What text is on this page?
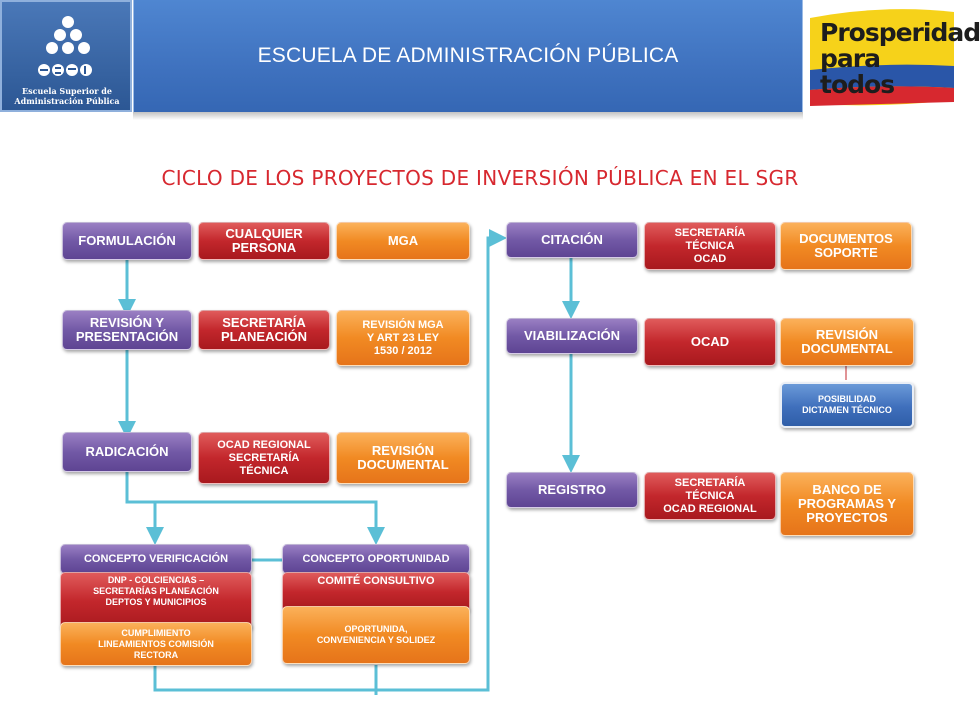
Escuela Superior de
Administración Pública
ESCUELA DE ADMINISTRACIÓN PÚBLICA
Prosperidad
para todos
CICLO DE LOS PROYECTOS DE INVERSIÓN PÚBLICA EN EL SGR
FORMULACIÓN	CUALQUIER
PERSONA	MGA
REVISIÓN Y
PRESENTACIÓN
SECRETARÍA
PLANEACIÓN
REVISIÓN MGA
Y ART 23 LEY
1530 / 2012
RADICACIÓN	OCAD REGIONAL
SECRETARÍA
TÉCNICA
REVISIÓN
DOCUMENTAL
CONCEPTO VERIFICACIÓN
DNP - COLCIENCIAS –
SECRETARÍAS PLANEACIÓN
DEPTOS Y MUNICIPIOS
CUMPLIMIENTO
LINEAMIENTOS COMISIÓN
RECTORA
CONCEPTO OPORTUNIDAD
COMITÉ CONSULTIVO
OPORTUNIDA,
CONVENIENCIA Y SOLIDEZ
CITACIÓN	SECRETARÍA
TÉCNICA
OCAD
DOCUMENTOS
SOPORTE
VIABILIZACIÓN	OCAD	REVISIÓN
DOCUMENTAL
POSIBILIDAD
DICTAMEN TÉCNICO
REGISTRO	SECRETARÍA
TÉCNICA
OCAD REGIONAL
BANCO DE
PROGRAMAS Y
PROYECTOS
